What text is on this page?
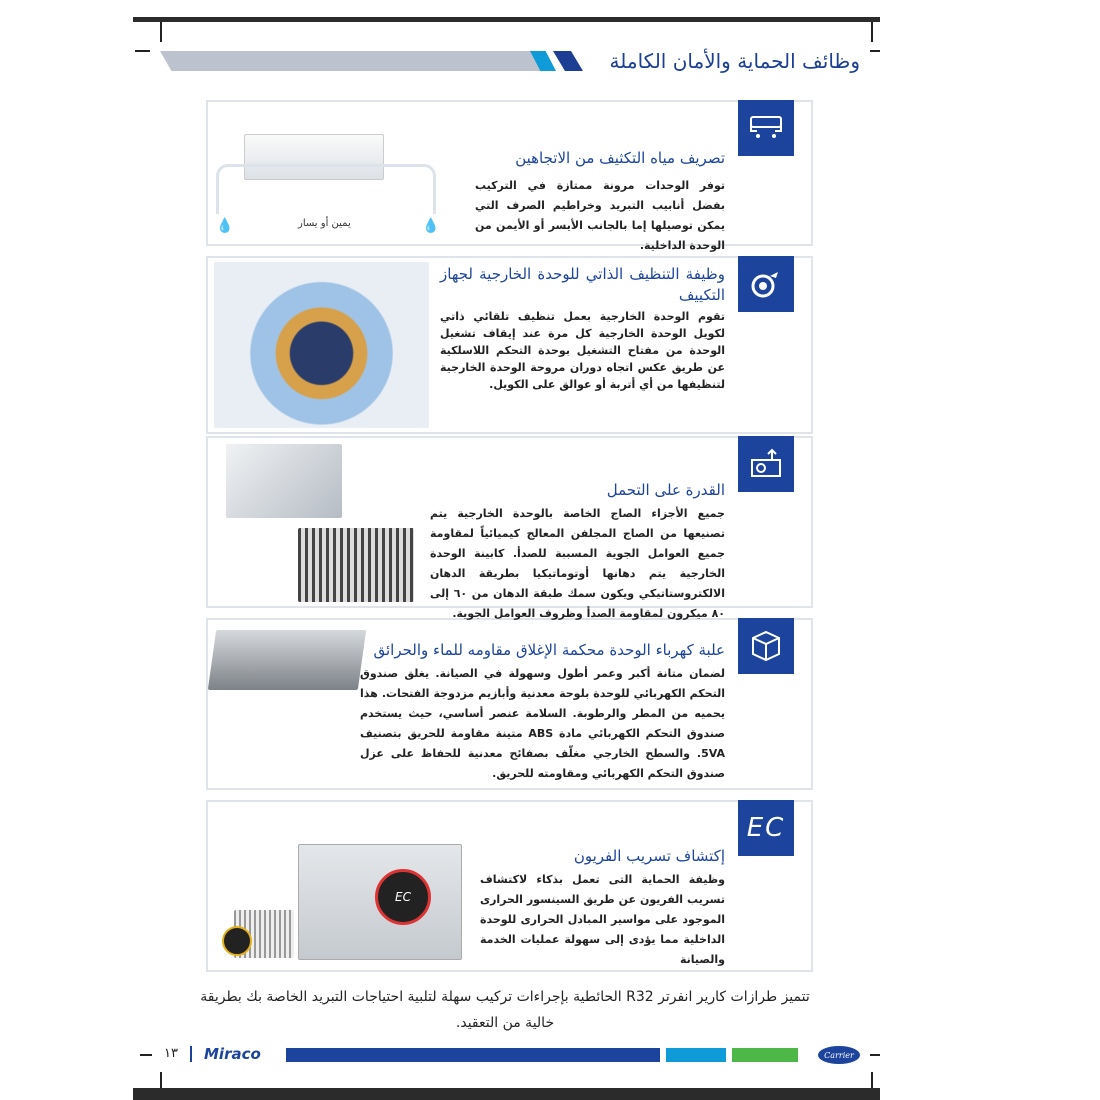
وظائف الحماية والأمان الكاملة
تصريف مياه التكثيف من الاتجاهين
توفر الوحدات مرونة ممتازة في التركيب بفضل أنابيب التبريد وخراطيم الصرف التي يمكن توصيلها إما بالجانب الأيسر أو الأيمن من الوحدة الداخلية.
💧	💧
يمين أو يسار
وظيفة التنظيف الذاتي للوحدة الخارجية لجهاز التكييف
تقوم الوحدة الخارجية بعمل تنظيف تلقائي ذاتي لكويل الوحدة الخارجية كل مرة عند إيقاف تشغيل الوحدة من مفتاح التشغيل بوحدة التحكم اللاسلكية عن طريق عكس اتجاه دوران مروحة الوحدة الخارجية لتنظيفها من أي أتربة أو عوالق على الكويل.
القدرة على التحمل
جميع الأجزاء الصاج الخاصة بالوحدة الخارجية يتم تصنيعها من الصاج المجلفن المعالج كيميائياً لمقاومة جميع العوامل الجوية المسببة للصدأ. كابينة الوحدة الخارجية يتم دهانها أوتوماتيكيا بطريقة الدهان الالكتروستاتيكي ويكون سمك طبقة الدهان من ٦٠ إلى ٨٠ ميكرون لمقاومة الصدأ وظروف العوامل الجوية.
علبة كهرباء الوحدة محكمة الإغلاق مقاومه للماء والحرائق
لضمان متانة أكبر وعمر أطول وسهولة في الصيانة. يغلق صندوق التحكم الكهربائي للوحدة بلوحة معدنية وأبازيم مزدوجة الفتحات. هذا يحميه من المطر والرطوبة. السلامة عنصر أساسي، حيث يستخدم صندوق التحكم الكهربائي مادة ABS متينة مقاومة للحريق بتصنيف 5VA. والسطح الخارجي مغلّف بصفائح معدنية للحفاظ على عزل صندوق التحكم الكهربائي ومقاومته للحريق.
EC
إكتشاف تسريب الفريون
وظيفة الحماية التى تعمل بذكاء لاكتشاف تسريب الفريون عن طريق السينسور الحرارى الموجود على مواسير المبادل الحرارى للوحدة الداخلية مما يؤدى إلى سهولة عمليات الخدمة والصيانة
EC
تتميز طرازات كارير انفرتر R32 الحائطية بإجراءات تركيب سهلة لتلبية احتياجات التبريد الخاصة بك بطريقة خالية من التعقيد.
١٣ Miraco	Carrier
